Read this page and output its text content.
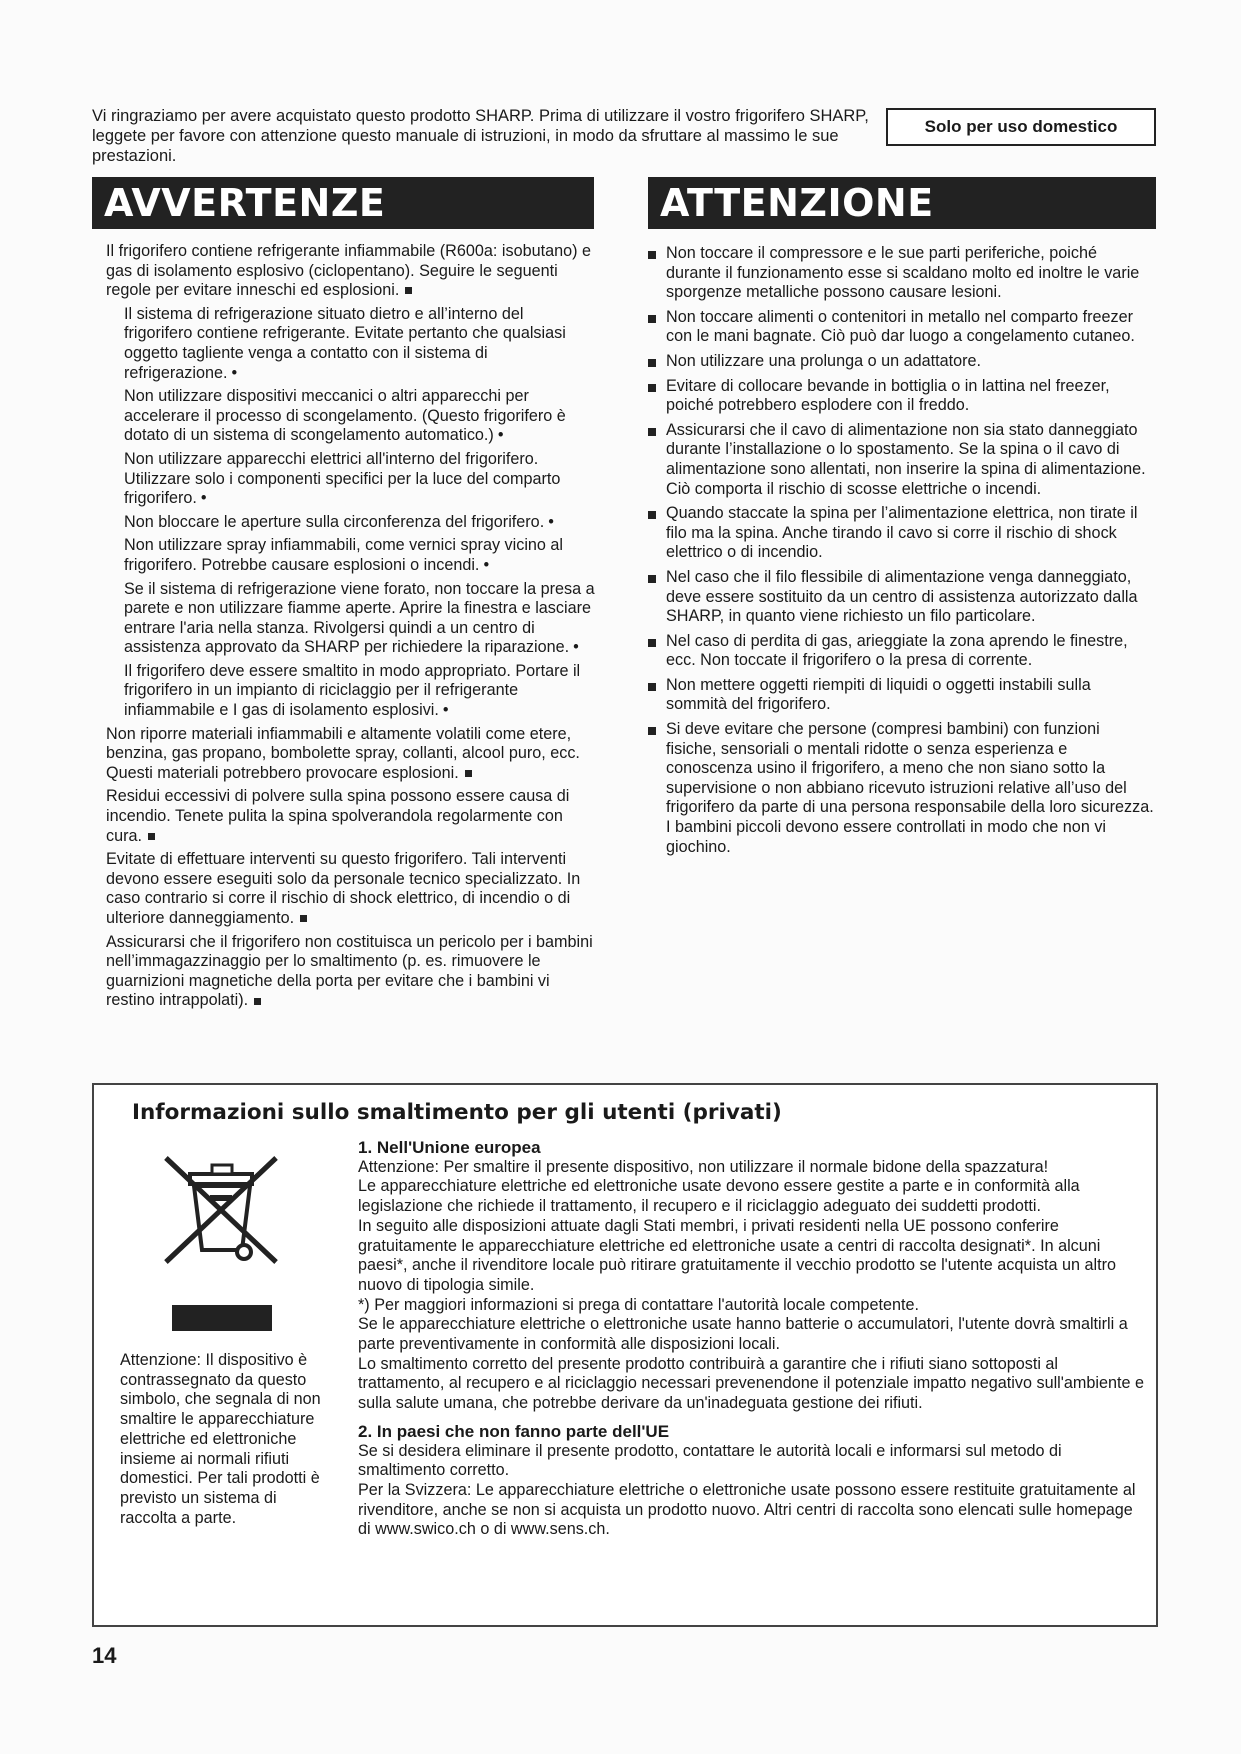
Vi ringraziamo per avere acquistato questo prodotto SHARP. Prima di utilizzare il vostro frigorifero SHARP, leggete per favore con attenzione questo manuale di istruzioni, in modo da sfruttare al massimo le sue prestazioni.
Solo per uso domestico
AVVERTENZE

Il frigorifero contiene refrigerante infiammabile (R600a: isobutano) e gas di isolamento esplosivo (ciclopentano). Seguire le seguenti regole per evitare inneschi ed esplosioni.

Il sistema di refrigerazione situato dietro e all’interno del frigorifero contiene refrigerante. Evitate pertanto che qualsiasi oggetto tagliente venga a contatto con il sistema di refrigerazione. •

Non utilizzare dispositivi meccanici o altri apparecchi per accelerare il processo di scongelamento. (Questo frigorifero è dotato di un sistema di scongelamento automatico.) •

Non utilizzare apparecchi elettrici all'interno del frigorifero. Utilizzare solo i componenti specifici per la luce del comparto frigorifero. •

Non bloccare le aperture sulla circonferenza del frigorifero. •

Non utilizzare spray infiammabili, come vernici spray vicino al frigorifero. Potrebbe causare esplosioni o incendi. •

Se il sistema di refrigerazione viene forato, non toccare la presa a parete e non utilizzare fiamme aperte. Aprire la finestra e lasciare entrare l'aria nella stanza. Rivolgersi quindi a un centro di assistenza approvato da SHARP per richiedere la riparazione. •

Il frigorifero deve essere smaltito in modo appropriato. Portare il frigorifero in un impianto di riciclaggio per il refrigerante infiammabile e I gas di isolamento esplosivi. •

Non riporre materiali infiammabili e altamente volatili come etere, benzina, gas propano, bombolette spray, collanti, alcool puro, ecc. Questi materiali potrebbero provocare esplosioni.

Residui eccessivi di polvere sulla spina possono essere causa di incendio. Tenete pulita la spina spolverandola regolarmente con cura.

Evitate di effettuare interventi su questo frigorifero. Tali interventi devono essere eseguiti solo da personale tecnico specializzato. In caso contrario si corre il rischio di shock elettrico, di incendio o di ulteriore danneggiamento.

Assicurarsi che il frigorifero non costituisca un pericolo per i bambini nell’immagazzinaggio per lo smaltimento (p. es. rimuovere le guarnizioni magnetiche della porta per evitare che i bambini vi restino intrappolati).

ATTENZIONE
Non toccare il compressore e le sue parti periferiche, poiché durante il funzionamento esse si scaldano molto ed inoltre le varie sporgenze metalliche possono causare lesioni.
Non toccare alimenti o contenitori in metallo nel comparto freezer con le mani bagnate. Ciò può dar luogo a congelamento cutaneo.
Non utilizzare una prolunga o un adattatore.
Evitare di collocare bevande in bottiglia o in lattina nel freezer, poiché potrebbero esplodere con il freddo.
Assicurarsi che il cavo di alimentazione non sia stato danneggiato durante l’installazione o lo spostamento. Se la spina o il cavo di alimentazione sono allentati, non inserire la spina di alimentazione. Ciò comporta il rischio di scosse elettriche o incendi.
Quando staccate la spina per l’alimentazione elettrica, non tirate il filo ma la spina. Anche tirando il cavo si corre il rischio di shock elettrico o di incendio.
Nel caso che il filo flessibile di alimentazione venga danneggiato, deve essere sostituito da un centro di assistenza autorizzato dalla SHARP, in quanto viene richiesto un filo particolare.
Nel caso di perdita di gas, arieggiate la zona aprendo le finestre, ecc. Non toccate il frigorifero o la presa di corrente.
Non mettere oggetti riempiti di liquidi o oggetti instabili sulla sommità del frigorifero.
Si deve evitare che persone (compresi bambini) con funzioni fisiche, sensoriali o mentali ridotte o senza esperienza e conoscenza usino il frigorifero, a meno che non siano sotto la supervisione o non abbiano ricevuto istruzioni relative all’uso del frigorifero da parte di una persona responsabile della loro sicurezza. I bambini piccoli devono essere controllati in modo che non vi giochino.
Informazioni sullo smaltimento per gli utenti (privati)
Attenzione: Il dispositivo è contrassegnato da questo simbolo, che segnala di non smaltire le apparecchiature elettriche ed elettroniche insieme ai normali rifiuti domestici. Per tali prodotti è previsto un sistema di raccolta a parte.

1. Nell'Unione europea

Attenzione: Per smaltire il presente dispositivo, non utilizzare il normale bidone della spazzatura!

Le apparecchiature elettriche ed elettroniche usate devono essere gestite a parte e in conformità alla legislazione che richiede il trattamento, il recupero e il riciclaggio adeguato dei suddetti prodotti.

In seguito alle disposizioni attuate dagli Stati membri, i privati residenti nella UE possono conferire gratuitamente le apparecchiature elettriche ed elettroniche usate a centri di raccolta designati*. In alcuni paesi*, anche il rivenditore locale può ritirare gratuitamente il vecchio prodotto se l'utente acquista un altro nuovo di tipologia simile.

*) Per maggiori informazioni si prega di contattare l'autorità locale competente.

Se le apparecchiature elettriche o elettroniche usate hanno batterie o accumulatori, l'utente dovrà smaltirli a parte preventivamente in conformità alle disposizioni locali.

Lo smaltimento corretto del presente prodotto contribuirà a garantire che i rifiuti siano sottoposti al trattamento, al recupero e al riciclaggio necessari prevenendone il potenziale impatto negativo sull'ambiente e sulla salute umana, che potrebbe derivare da un'inadeguata gestione dei rifiuti.

2. In paesi che non fanno parte dell'UE

Se si desidera eliminare il presente prodotto, contattare le autorità locali e informarsi sul metodo di smaltimento corretto.

Per la Svizzera: Le apparecchiature elettriche o elettroniche usate possono essere restituite gratuitamente al rivenditore, anche se non si acquista un prodotto nuovo. Altri centri di raccolta sono elencati sulle homepage di www.swico.ch o di www.sens.ch.

14
